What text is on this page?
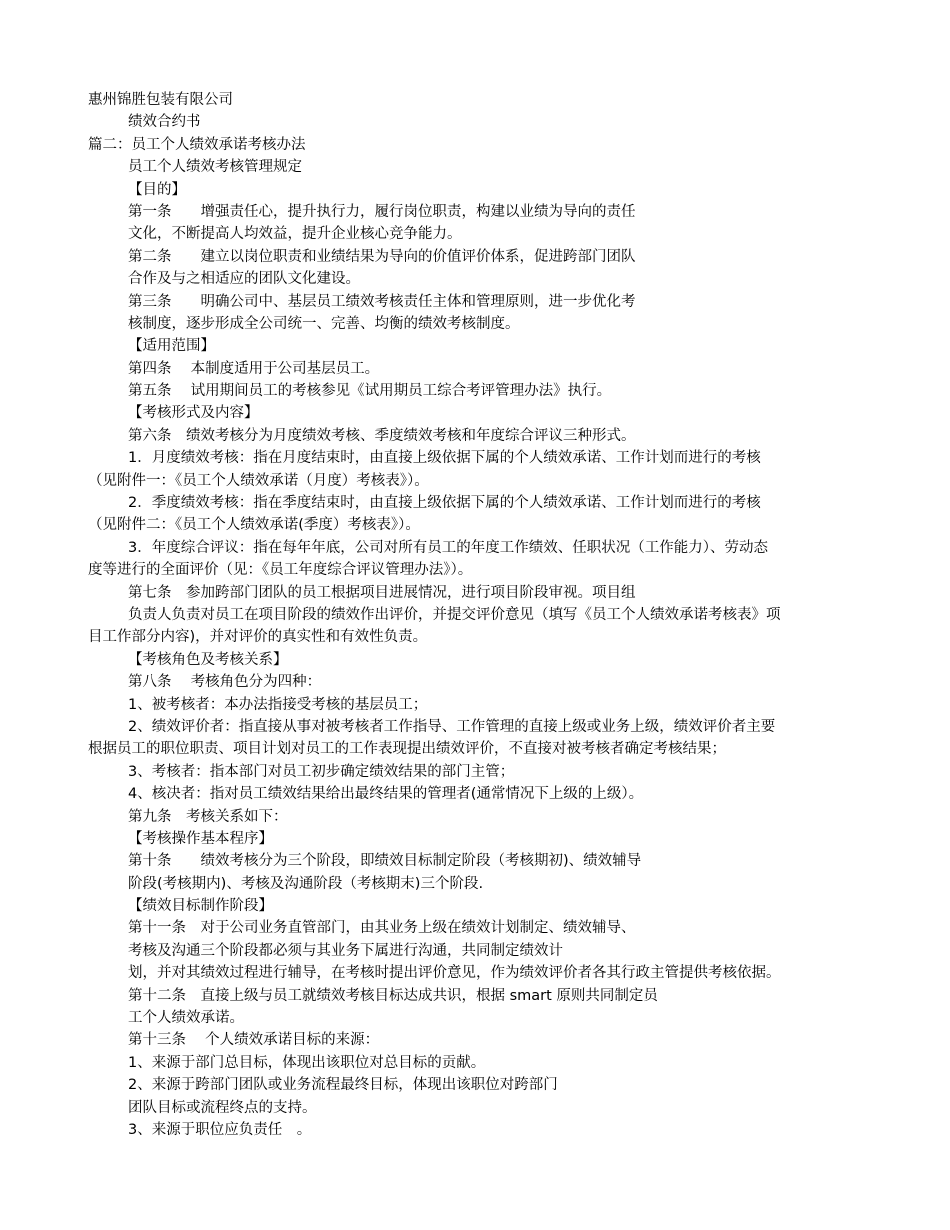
惠州锦胜包装有限公司
绩效合约书
篇二：员工个人绩效承诺考核办法
员工个人绩效考核管理规定
【目的】
第一条　　增强责任心，提升执行力，履行岗位职责，构建以业绩为导向的责任
文化，不断提高人均效益，提升企业核心竞争能力。
第二条　　建立以岗位职责和业绩结果为导向的价值评价体系，促进跨部门团队
合作及与之相适应的团队文化建设。
第三条　　明确公司中、基层员工绩效考核责任主体和管理原则，进一步优化考
核制度，逐步形成全公司统一、完善、均衡的绩效考核制度。
【适用范围】
第四条　 本制度适用于公司基层员工。
第五条　 试用期间员工的考核参见《试用期员工综合考评管理办法》执行。
【考核形式及内容】
第六条　绩效考核分为月度绩效考核、季度绩效考核和年度综合评议三种形式。
1．月度绩效考核：指在月度结束时，由直接上级依据下属的个人绩效承诺、工作计划而进行的考核
（见附件一：《员工个人绩效承诺（月度）考核表》）。
2．季度绩效考核：指在季度结束时，由直接上级依据下属的个人绩效承诺、工作计划而进行的考核
（见附件二：《员工个人绩效承诺(季度）考核表》）。
3．年度综合评议：指在每年年底，公司对所有员工的年度工作绩效、任职状况（工作能力）、劳动态
度等进行的全面评价（见：《员工年度综合评议管理办法》）。
第七条　参加跨部门团队的员工根据项目进展情况，进行项目阶段审视。项目组
负责人负责对员工在项目阶段的绩效作出评价，并提交评价意见（填写《员工个人绩效承诺考核表》项
目工作部分内容)，并对评价的真实性和有效性负责。
【考核角色及考核关系】
第八条　 考核角色分为四种：
1、被考核者：本办法指接受考核的基层员工；
2、绩效评价者：指直接从事对被考核者工作指导、工作管理的直接上级或业务上级，绩效评价者主要
根据员工的职位职责、项目计划对员工的工作表现提出绩效评价，不直接对被考核者确定考核结果；
3、考核者：指本部门对员工初步确定绩效结果的部门主管；
4、核决者：指对员工绩效结果给出最终结果的管理者(通常情况下上级的上级）。
第九条　考核关系如下：
【考核操作基本程序】
第十条　　绩效考核分为三个阶段，即绩效目标制定阶段（考核期初)、绩效辅导
阶段(考核期内)、考核及沟通阶段（考核期末)三个阶段.
【绩效目标制作阶段】
第十一条　对于公司业务直管部门，由其业务上级在绩效计划制定、绩效辅导、
考核及沟通三个阶段都必须与其业务下属进行沟通，共同制定绩效计
划，并对其绩效过程进行辅导，在考核时提出评价意见，作为绩效评价者各其行政主管提供考核依据。
第十二条　直接上级与员工就绩效考核目标达成共识，根据 smart 原则共同制定员
工个人绩效承诺。
第十三条　 个人绩效承诺目标的来源：
1、来源于部门总目标，体现出该职位对总目标的贡献。
2、来源于跨部门团队或业务流程最终目标，体现出该职位对跨部门
团队目标或流程终点的支持。
3、来源于职位应负责任　。
